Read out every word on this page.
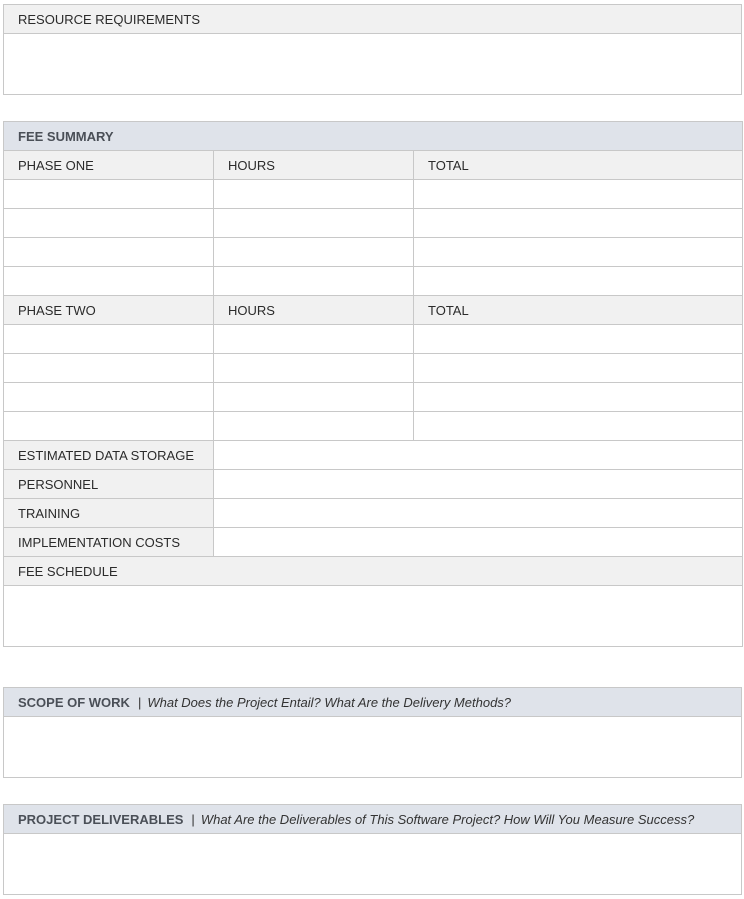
RESOURCE REQUIREMENTS

FEE SUMMARY		
PHASE ONE	HOURS	TOTAL

PHASE TWO	HOURS	TOTAL

ESTIMATED DATA STORAGE		
PERSONNEL		
TRAINING		
IMPLEMENTATION COSTS		
FEE SCHEDULE		

SCOPE OF WORK | What Does the Project Entail? What Are the Delivery Methods?

PROJECT DELIVERABLES | What Are the Deliverables of This Software Project? How Will You Measure Success?
